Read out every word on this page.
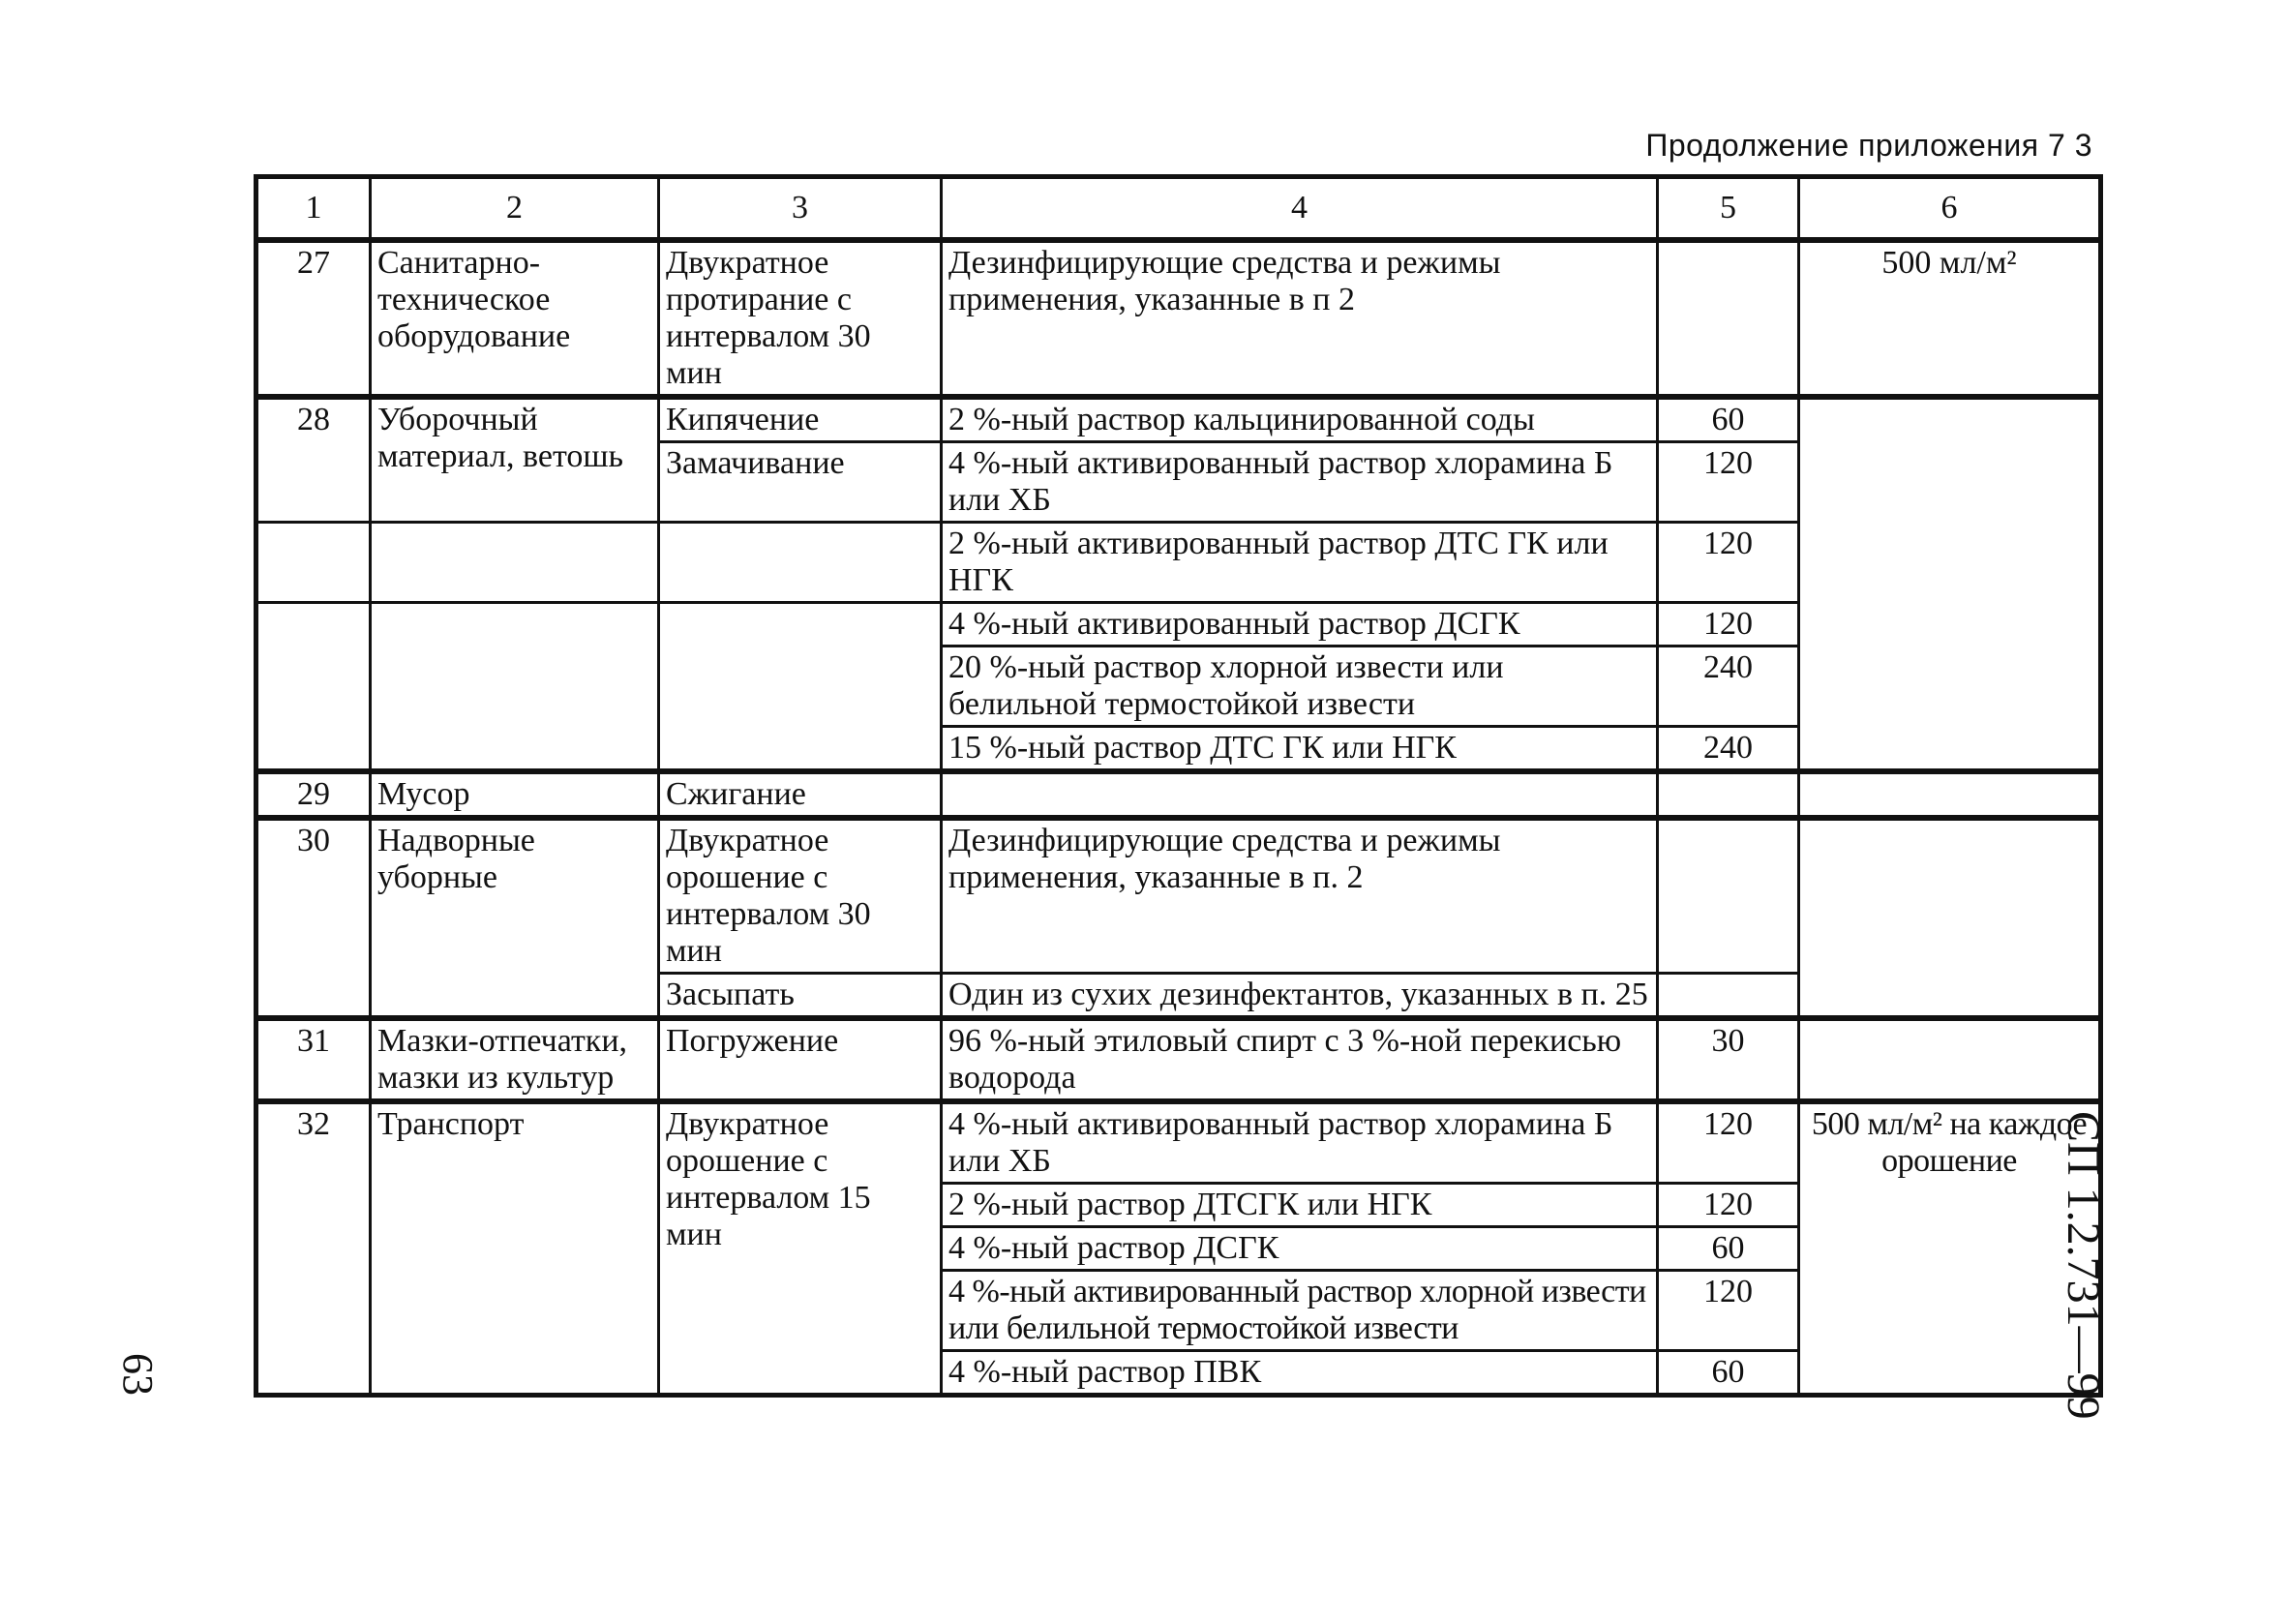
Продолжение приложения 7 3
1	2	3	4	5	6
27	Санитарно-техническое оборудование	Двукратное протирание с интервалом 30 мин	Дезинфицирующие средства и режимы применения, указанные в п 2		500 мл/м²
28	Уборочный материал, ветошь	Кипячение	2 %-ный раствор кальцинированной соды	60	
		Замачивание	4 %-ный активированный раствор хлорамина Б или ХБ	120	
			2 %-ный активированный раствор ДТС ГК или НГК	120	
			4 %-ный активированный раствор ДСГК	120	
			20 %-ный раствор хлорной извести или белильной термостойкой извести	240	
			15 %-ный раствор ДТС ГК или НГК	240	
29	Мусор	Сжигание			
30	Надворные уборные	Двукратное орошение с интервалом 30 мин	Дезинфицирующие средства и режимы применения, указанные в п. 2		
		Засыпать	Один из сухих дезинфектантов, указанных в п. 25		
31	Мазки-отпечатки, мазки из культур	Погружение	96 %-ный этиловый спирт с 3 %-ной перекисью водорода	30	
32	Транспорт	Двукратное орошение с интервалом 15 мин	4 %-ный активированный раствор хлорамина Б или ХБ	120	500 мл/м² на каждое орошение
			2 %-ный раствор ДТСГК или НГК	120	
			4 %-ный раствор ДСГК	60	
			4 %-ный активированный раствор хлорной извести или белильной термостойкой извести	120	
			4 %-ный раствор ПВК	60		СП 1.2.731—99
63
